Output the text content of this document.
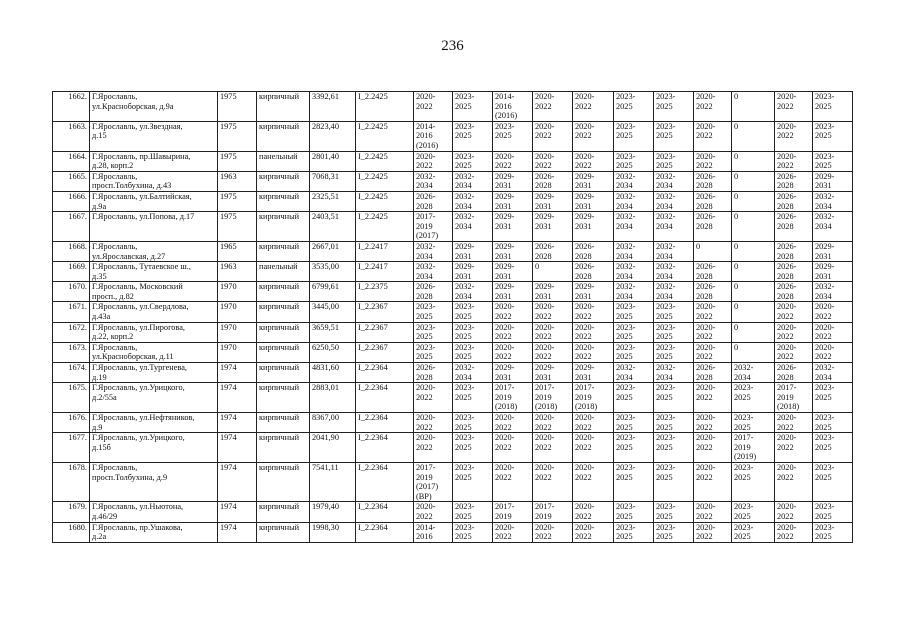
236
1662.	Г.Ярославль,
ул.Красноборская, д.9а	1975	кирпичный	3392,61	I_2.2425	2020-
2022	2023-
2025	2014-
2016
(2016)	2020-
2022	2020-
2022	2023-
2025	2023-
2025	2020-
2022	0	2020-
2022	2023-
2025
1663.	Г.Ярославль, ул.Звездная,
д.15	1975	кирпичный	2823,40	I_2.2425	2014-
2016
(2016)	2023-
2025	2023-
2025	2020-
2022	2020-
2022	2023-
2025	2023-
2025	2020-
2022	0	2020-
2022	2023-
2025
1664.	Г.Ярославль, пр.Шавырина,
д.28, корп.2	1975	панельный	2801,40	I_2.2425	2020-
2022	2023-
2025	2020-
2022	2020-
2022	2020-
2022	2023-
2025	2023-
2025	2020-
2022	0	2020-
2022	2023-
2025
1665.	Г.Ярославль,
просп.Толбухина, д.43	1963	кирпичный	7068,31	I_2.2425	2032-
2034	2032-
2034	2029-
2031	2026-
2028	2029-
2031	2032-
2034	2032-
2034	2026-
2028	0	2026-
2028	2029-
2031
1666.	Г.Ярославль, ул.Балтийская,
д.9а	1975	кирпичный	2325,51	I_2.2425	2026-
2028	2032-
2034	2029-
2031	2029-
2031	2029-
2031	2032-
2034	2032-
2034	2026-
2028	0	2026-
2028	2032-
2034
1667.	Г.Ярославль, ул.Попова, д.17	1975	кирпичный	2403,51	I_2.2425	2017-
2019
(2017)	2032-
2034	2029-
2031	2029-
2031	2029-
2031	2032-
2034	2032-
2034	2026-
2028	0	2026-
2028	2032-
2034
1668.	Г.Ярославль,
ул.Ярославская, д.27	1965	кирпичный	2667,01	I_2.2417	2032-
2034	2029-
2031	2029-
2031	2026-
2028	2026-
2028	2032-
2034	2032-
2034	0	0	2026-
2028	2029-
2031
1669.	Г.Ярославль, Тутаевское ш.,
д.35	1963	панельный	3535,00	I_2.2417	2032-
2034	2029-
2031	2029-
2031	0	2026-
2028	2032-
2034	2032-
2034	2026-
2028	0	2026-
2028	2029-
2031
1670.	Г.Ярославль, Московский
просп., д.82	1970	кирпичный	6799,61	I_2.2375	2026-
2028	2032-
2034	2029-
2031	2029-
2031	2029-
2031	2032-
2034	2032-
2034	2026-
2028	0	2026-
2028	2032-
2034
1671.	Г.Ярославль, ул.Свердлова,
д.43а	1970	кирпичный	3445,00	I_2.2367	2023-
2025	2023-
2025	2020-
2022	2020-
2022	2020-
2022	2023-
2025	2023-
2025	2020-
2022	0	2020-
2022	2020-
2022
1672.	Г.Ярославль, ул.Пирогова,
д.22, корп.2	1970	кирпичный	3659,51	I_2.2367	2023-
2025	2023-
2025	2020-
2022	2020-
2022	2020-
2022	2023-
2025	2023-
2025	2020-
2022	0	2020-
2022	2020-
2022
1673.	Г.Ярославль,
ул.Красноборская, д.11	1970	кирпичный	6250,50	I_2.2367	2023-
2025	2023-
2025	2020-
2022	2020-
2022	2020-
2022	2023-
2025	2023-
2025	2020-
2022	0	2020-
2022	2020-
2022
1674.	Г.Ярославль, ул.Тургенева,
д.19	1974	кирпичный	4831,60	I_2.2364	2026-
2028	2032-
2034	2029-
2031	2029-
2031	2029-
2031	2032-
2034	2032-
2034	2026-
2028	2032-
2034	2026-
2028	2032-
2034
1675.	Г.Ярославль, ул.Урицкого,
д.2/55а	1974	кирпичный	2883,01	I_2.2364	2020-
2022	2023-
2025	2017-
2019
(2018)	2017-
2019
(2018)	2017-
2019
(2018)	2023-
2025	2023-
2025	2020-
2022	2023-
2025	2017-
2019
(2018)	2023-
2025
1676.	Г.Ярославль, ул.Нефтяников,
д.9	1974	кирпичный	8367,00	I_2.2364	2020-
2022	2023-
2025	2020-
2022	2020-
2022	2020-
2022	2023-
2025	2023-
2025	2020-
2022	2023-
2025	2020-
2022	2023-
2025
1677.	Г.Ярославль, ул.Урицкого,
д.15б	1974	кирпичный	2041,90	I_2.2364	2020-
2022	2023-
2025	2020-
2022	2020-
2022	2020-
2022	2023-
2025	2023-
2025	2020-
2022	2017-
2019
(2019)	2020-
2022	2023-
2025
1678.	Г.Ярославль,
просп.Толбухина, д.9	1974	кирпичный	7541,11	I_2.2364	2017-
2019
(2017)
(ВР)	2023-
2025	2020-
2022	2020-
2022	2020-
2022	2023-
2025	2023-
2025	2020-
2022	2023-
2025	2020-
2022	2023-
2025
1679.	Г.Ярославль, ул.Ньютона,
д.46/29	1974	кирпичный	1979,40	I_2.2364	2020-
2022	2023-
2025	2017-
2019	2017-
2019	2020-
2022	2023-
2025	2023-
2025	2020-
2022	2023-
2025	2020-
2022	2023-
2025
1680.	Г.Ярославль, пр.Ушакова,
д.2а	1974	кирпичный	1998,30	I_2.2364	2014-
2016	2023-
2025	2020-
2022	2020-
2022	2020-
2022	2023-
2025	2023-
2025	2020-
2022	2023-
2025	2020-
2022	2023-
2025
